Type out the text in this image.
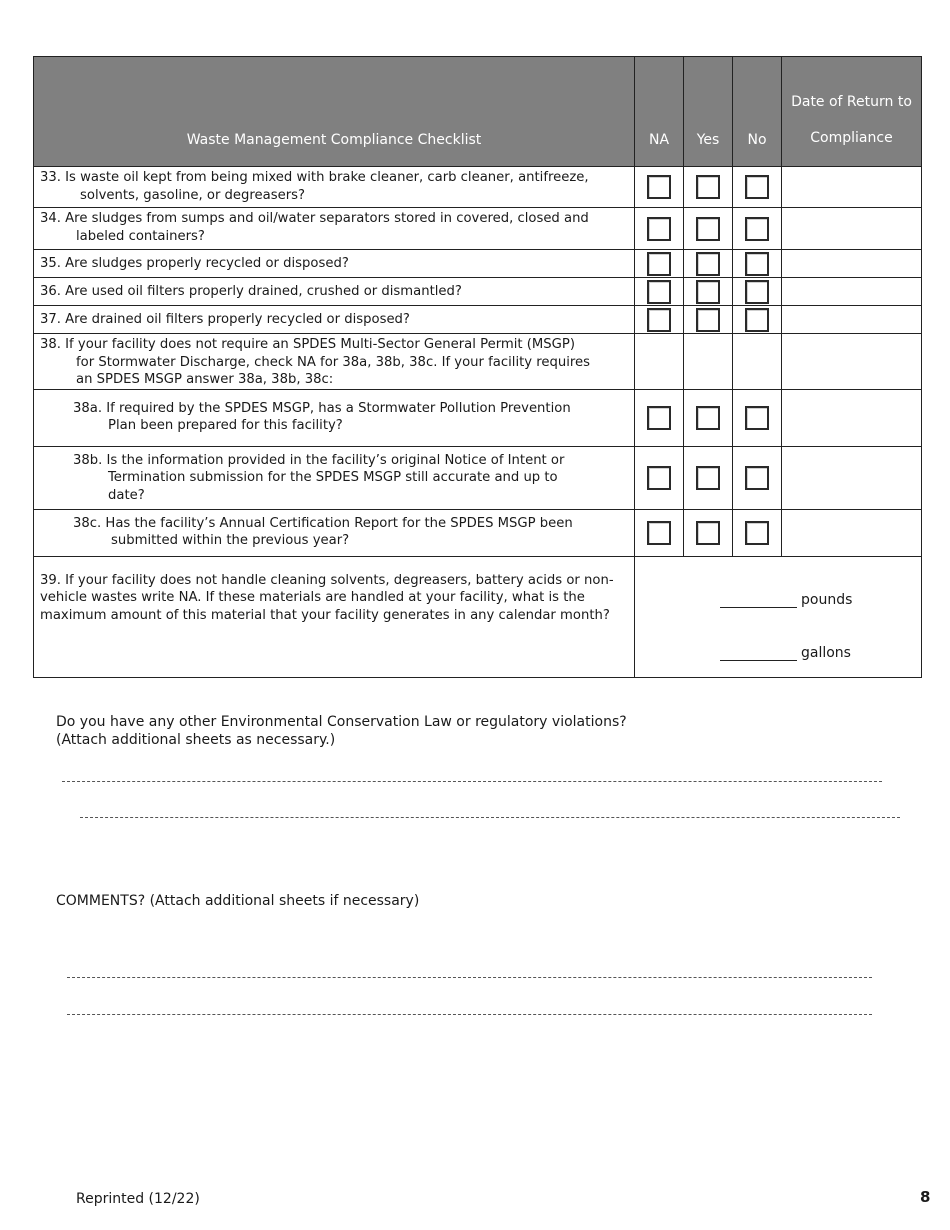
Waste Management Compliance Checklist	NA	Yes	No	Date of Return to
Compliance

33. Is waste oil kept from being mixed with brake cleaner, carb cleaner, antifreeze,
solvents, gasoline, or degreasers?				

34. Are sludges from sumps and oil/water separators stored in covered, closed and
labeled containers?				

35. Are sludges properly recycled or disposed?				

36. Are used oil filters properly drained, crushed or dismantled?				

37. Are drained oil filters properly recycled or disposed?				

38. If your facility does not require an SPDES Multi-Sector General Permit (MSGP)
for Stormwater Discharge, check NA for 38a, 38b, 38c. If your facility requires
an SPDES MSGP answer 38a, 38b, 38c:				

38a. If required by the SPDES MSGP, has a Stormwater Pollution Prevention
Plan been prepared for this facility?				

38b. Is the information provided in the facility’s original Notice of Intent or
Termination submission for the SPDES MSGP still accurate and up to
date?				

38c. Has the facility’s Annual Certification Report for the SPDES MSGP been
submitted within the previous year?				

39. If your facility does not handle cleaning solvents, degreasers, battery acids or non-vehicle wastes write NA. If these materials are handled at your facility, what is the maximum amount of this material that your facility generates in any calendar month?	pounds
gallons			
Do you have any other Environmental Conservation Law or regulatory violations?
(Attach additional sheets as necessary.)
COMMENTS? (Attach additional sheets if necessary)
Reprinted (12/22)	8
